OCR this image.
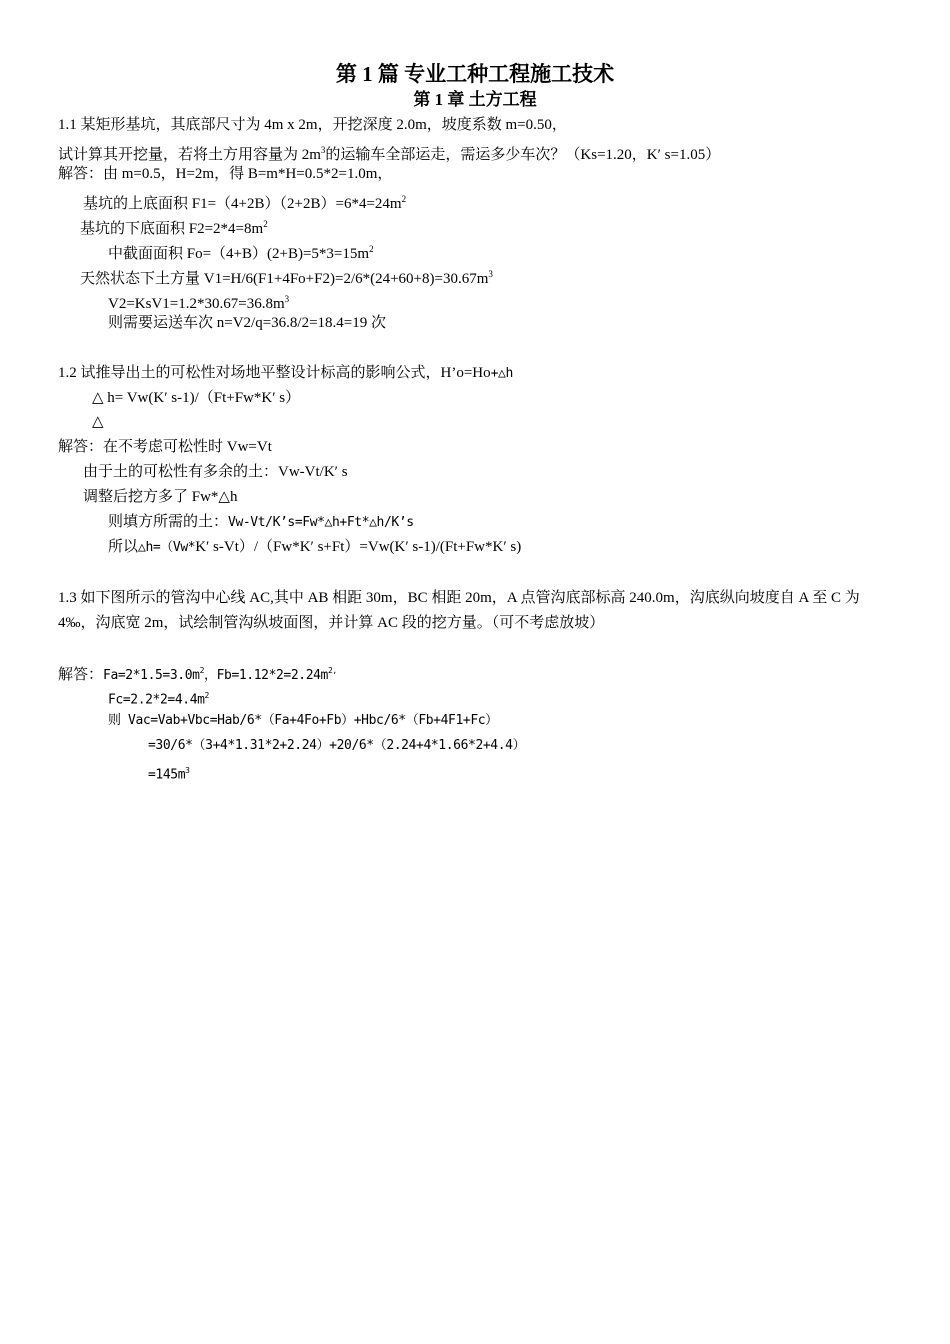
第 1 篇 专业工种工程施工技术
第 1 章 土方工程
1.1 某矩形基坑，其底部尺寸为 4m x 2m，开挖深度 2.0m，坡度系数 m=0.50，
试计算其开挖量，若将土方用容量为 $2m^3$的运输车全部运走，需运多少车次？（Ks=1.20，K′ s=1.05）
解答：由 m=0.5，H=2m，得 B=m*H=0.5*2=1.0m，
基坑的上底面积 $F1=(4+2B)(2+2B)=6*4=24m^2$
基坑的下底面积 $F2=2*4=8m^2$
中截面面积 $Fo=(4+B)(2+B)=5*3=15m^2$
天然状态下土方量 $V1=H/6(F1+4Fo+F2)=2/6*(24+60+8)=30.67m^3$
$V2=KsV1=1.2*30.67=36.8m^3$
则需要运送车次 n=V2/q=36.8/2=18.4=19 次
1.2 试推导出土的可松性对场地平整设计标高的影响公式，H’o=Ho+△h
△ h= Vw(K′ s-1)/（Ft+Fw*K′ s）
△
解答：在不考虑可松性时 Vw=Vt
由于土的可松性有多余的土：Vw-Vt/K′ s
调整后挖方多了 Fw*△h
则填方所需的土：Vw-Vt/K’s=Fw*△h+Ft*△h/K’s
所以△h=（Vw*K′ s-Vt）/（Fw*K′ s+Ft）=Vw(K′ s-1)/(Ft+Fw*K′ s)
1.3 如下图所示的管沟中心线 AC,其中 AB 相距 30m，BC 相距 20m，A 点管沟底部标高 240.0m，沟底纵向坡度自 A 至 C 为 4‰，沟底宽 2m，试绘制管沟纵坡面图，并计算 AC 段的挖方量。（可不考虑放坡）
解答：$Fa=2*1.5=3.0m^2$，$Fb=1.12*2=2.24m^{2,}$
$Fc=2.2*2=4.4m^2$
则 Vac=Vab+Vbc=Hab/6*（Fa+4Fo+Fb）+Hbc/6*（Fb+4F1+Fc）
=30/6*（3+4*1.31*2+2.24）+20/6*（2.24+4*1.66*2+4.4）
$=145m^3$
